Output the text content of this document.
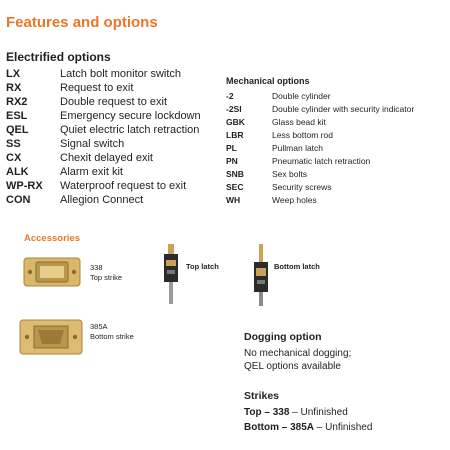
Features and options
Electrified options
LX	Latch bolt monitor switch
RX	Request to exit
RX2	Double request to exit
ESL	Emergency secure lockdown
QEL	Quiet electric latch retraction
SS	Signal switch
CX	Chexit delayed exit
ALK	Alarm exit kit
WP-RX Waterproof request to exit
CON	Allegion Connect
Mechanical options
-2	Double cylinder
-2SI	Double cylinder with security indicator
GBK	Glass bead kit
LBR	Less bottom rod
PL	Pullman latch
PN	Pneumatic latch retraction
SNB	Sex bolts
SEC	Security screws
WH	Weep holes
Accessories
338
Top strike
385A
Bottom strike
Top latch	Bottom latch
Dogging option
No mechanical dogging;
QEL options available
Strikes
Top – 338 – Unfinished
Bottom – 385A – Unfinished
